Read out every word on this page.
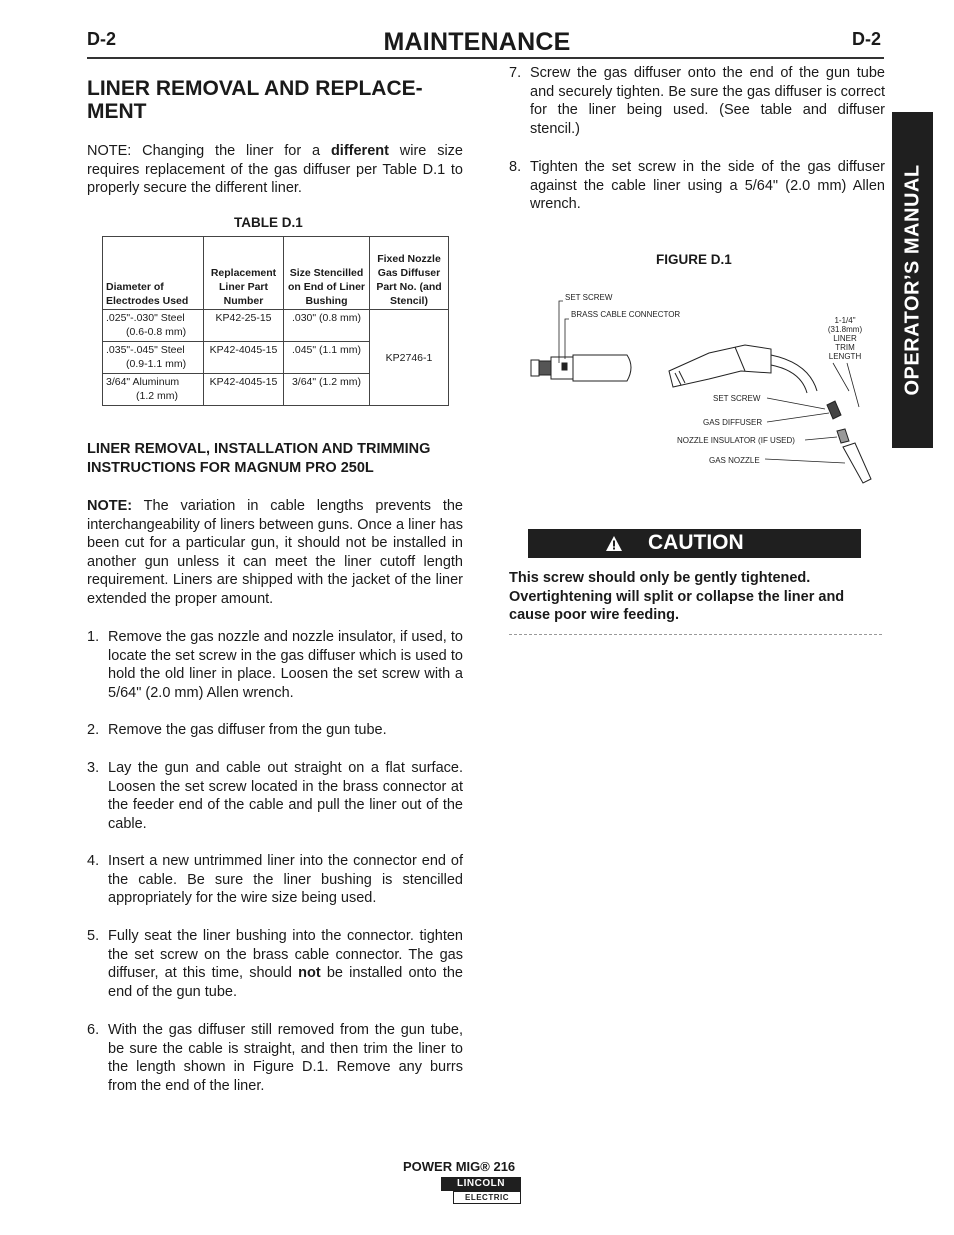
D-2	D-2
MAINTENANCE
OPERATOR’S MANUAL
LINER REMOVAL AND REPLACE-
MENT
NOTE: Changing the liner for a different wire size requires replacement of the gas diffuser per Table D.1 to properly secure the different liner.
TABLE D.1
Diameter of Electrodes Used	Replacement Liner Part Number	Size Stencilled on End of Liner Bushing	Fixed Nozzle Gas Diffuser Part No. (and Stencil)
.025"-.030" Steel
(0.6-0.8 mm)	KP42-25-15	.030" (0.8 mm)	KP2746-1
.035"-.045" Steel
(0.9-1.1 mm)	KP42-4045-15	.045" (1.1 mm)	
3/64" Aluminum
(1.2 mm)	KP42-4045-15	3/64" (1.2 mm)	
LINER REMOVAL, INSTALLATION AND TRIMMING INSTRUCTIONS FOR MAGNUM PRO 250L
NOTE: The variation in cable lengths prevents the interchangeability of liners between guns. Once a liner has been cut for a particular gun, it should not be installed in another gun unless it can meet the liner cutoff length requirement. Liners are shipped with the jacket of the liner extended the proper amount.
1. Remove the gas nozzle and nozzle insulator, if used, to locate the set screw in the gas diffuser which is used to hold the old liner in place. Loosen the set screw with a 5/64" (2.0 mm) Allen wrench.
2. Remove the gas diffuser from the gun tube.
3. Lay the gun and cable out straight on a flat surface. Loosen the set screw located in the brass connector at the feeder end of the cable and pull the liner out of the cable.
4. Insert a new untrimmed liner into the connector end of the cable. Be sure the liner bushing is stencilled appropriately for the wire size being used.
5. Fully seat the liner bushing into the connector. tighten the set screw on the brass cable connector. The gas diffuser, at this time, should not be installed onto the end of the gun tube.
6. With the gas diffuser still removed from the gun tube, be sure the cable is straight, and then trim the liner to the length shown in Figure D.1. Remove any burrs from the end of the liner.
7. Screw the gas diffuser onto the end of the gun tube and securely tighten. Be sure the gas diffuser is correct for the liner being used. (See table and diffuser stencil.)
8. Tighten the set screw in the side of the gas diffuser against the cable liner using a 5/64" (2.0 mm) Allen wrench.
FIGURE D.1
SET SCREW
BRASS CABLE CONNECTOR
1-1/4"
(31.8mm)
LINER
TRIM
LENGTH
SET SCREW
GAS DIFFUSER
NOZZLE INSULATOR (IF USED)
GAS NOZZLE
CAUTION
This screw should only be gently tightened. Overtightening will split or collapse the liner and cause poor wire feeding.
POWER MIG® 216
LINCOLN
ELECTRIC
